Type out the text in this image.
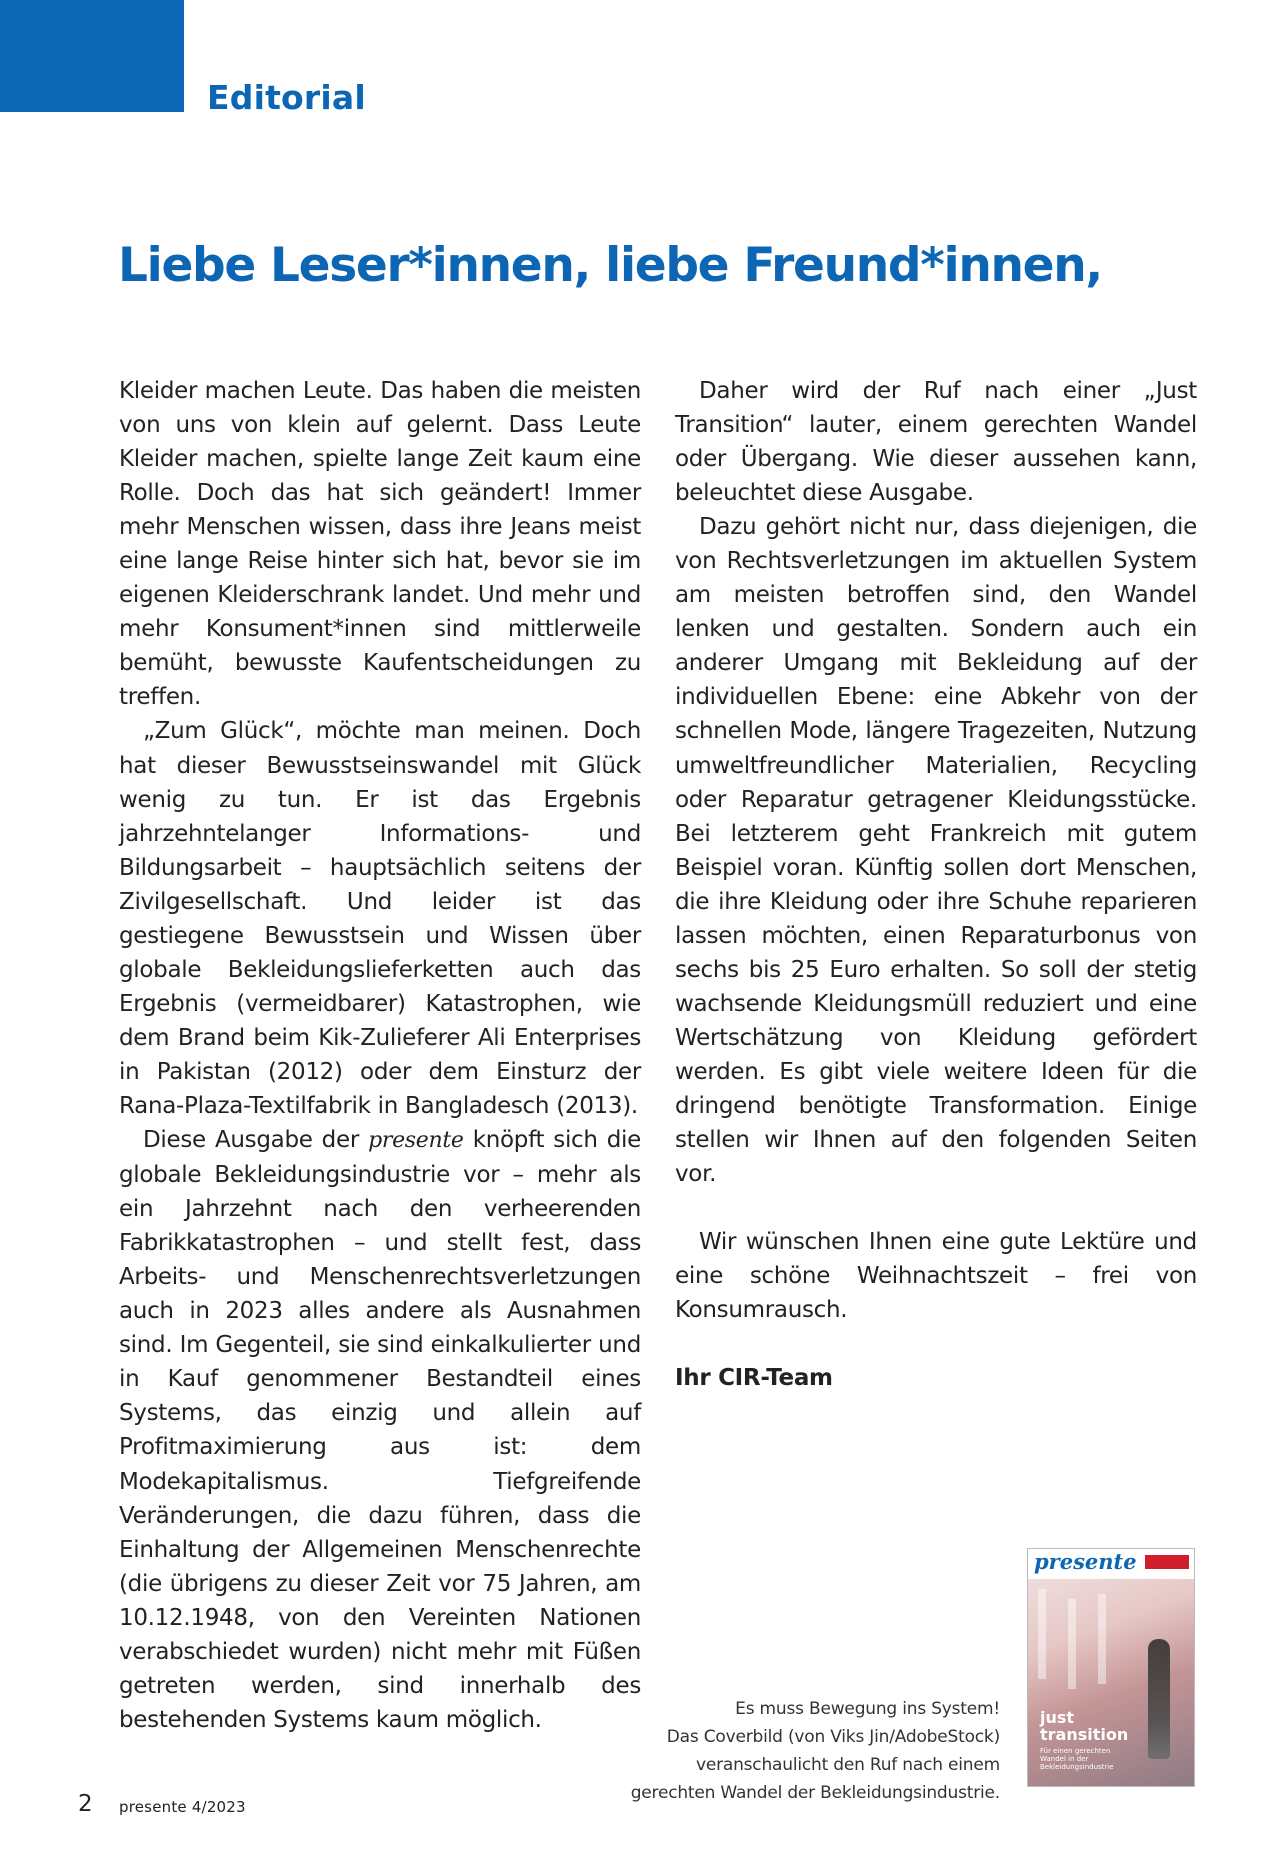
Editorial
Liebe Leser*innen, liebe Freund*innen,

Kleider machen Leute. Das haben die meisten von uns von klein auf gelernt. Dass Leute Kleider machen, spielte lange Zeit kaum eine Rolle. Doch das hat sich geändert! Immer mehr Menschen wissen, dass ihre Jeans meist eine lange Reise hinter sich hat, bevor sie im eigenen Kleiderschrank landet. Und mehr und mehr Konsument*innen sind mittlerweile bemüht, bewusste Kaufentscheidungen zu treffen.

„Zum Glück“, möchte man meinen. Doch hat dieser Bewusstseinswandel mit Glück wenig zu tun. Er ist das Ergebnis jahrzehntelanger Informations- und Bildungsarbeit – hauptsächlich seitens der Zivilgesellschaft. Und leider ist das gestiegene Bewusstsein und Wissen über globale Bekleidungslieferketten auch das Ergebnis (vermeidbarer) Katastrophen, wie dem Brand beim Kik-Zulieferer Ali Enterprises in Pakistan (2012) oder dem Einsturz der Rana-Plaza-Textilfabrik in Bangladesch (2013).

Diese Ausgabe der presente knöpft sich die globale Bekleidungsindustrie vor – mehr als ein Jahrzehnt nach den verheerenden Fabrikkatastrophen – und stellt fest, dass Arbeits- und Menschenrechtsverletzungen auch in 2023 alles andere als Ausnahmen sind. Im Gegenteil, sie sind einkalkulierter und in Kauf genommener Bestandteil eines Systems, das einzig und allein auf Profitmaximierung aus ist: dem Modekapitalismus. Tiefgreifende Veränderungen, die dazu führen, dass die Einhaltung der Allgemeinen Menschenrechte (die übrigens zu dieser Zeit vor 75 Jahren, am 10.12.1948, von den Vereinten Nationen verabschiedet wurden) nicht mehr mit Füßen getreten werden, sind innerhalb des bestehenden Systems kaum möglich.

Daher wird der Ruf nach einer „Just Transition“ lauter, einem gerechten Wandel oder Übergang. Wie dieser aussehen kann, beleuchtet diese Ausgabe.

Dazu gehört nicht nur, dass diejenigen, die von Rechtsverletzungen im aktuellen System am meisten betroffen sind, den Wandel lenken und gestalten. Sondern auch ein anderer Umgang mit Bekleidung auf der individuellen Ebene: eine Abkehr von der schnellen Mode, längere Tragezeiten, Nutzung umweltfreundlicher Materialien, Recycling oder Reparatur getragener Kleidungsstücke. Bei letzterem geht Frankreich mit gutem Beispiel voran. Künftig sollen dort Menschen, die ihre Kleidung oder ihre Schuhe reparieren lassen möchten, einen Reparaturbonus von sechs bis 25 Euro erhalten. So soll der stetig wachsende Kleidungsmüll reduziert und eine Wertschätzung von Kleidung gefördert werden. Es gibt viele weitere Ideen für die dringend benötigte Transformation. Einige stellen wir Ihnen auf den folgenden Seiten vor.

Wir wünschen Ihnen eine gute Lektüre und eine schöne Weihnachtszeit – frei von Konsumrausch.

Ihr CIR-Team

Es muss Bewegung ins System!
Das Coverbild (von Viks Jin/AdobeStock)
veranschaulicht den Ruf nach einem
gerechten Wandel der Bekleidungsindustrie.
presente
just
transition
Für einen gerechten Wandel in der Bekleidungsindustrie
2 presente 4/2023
